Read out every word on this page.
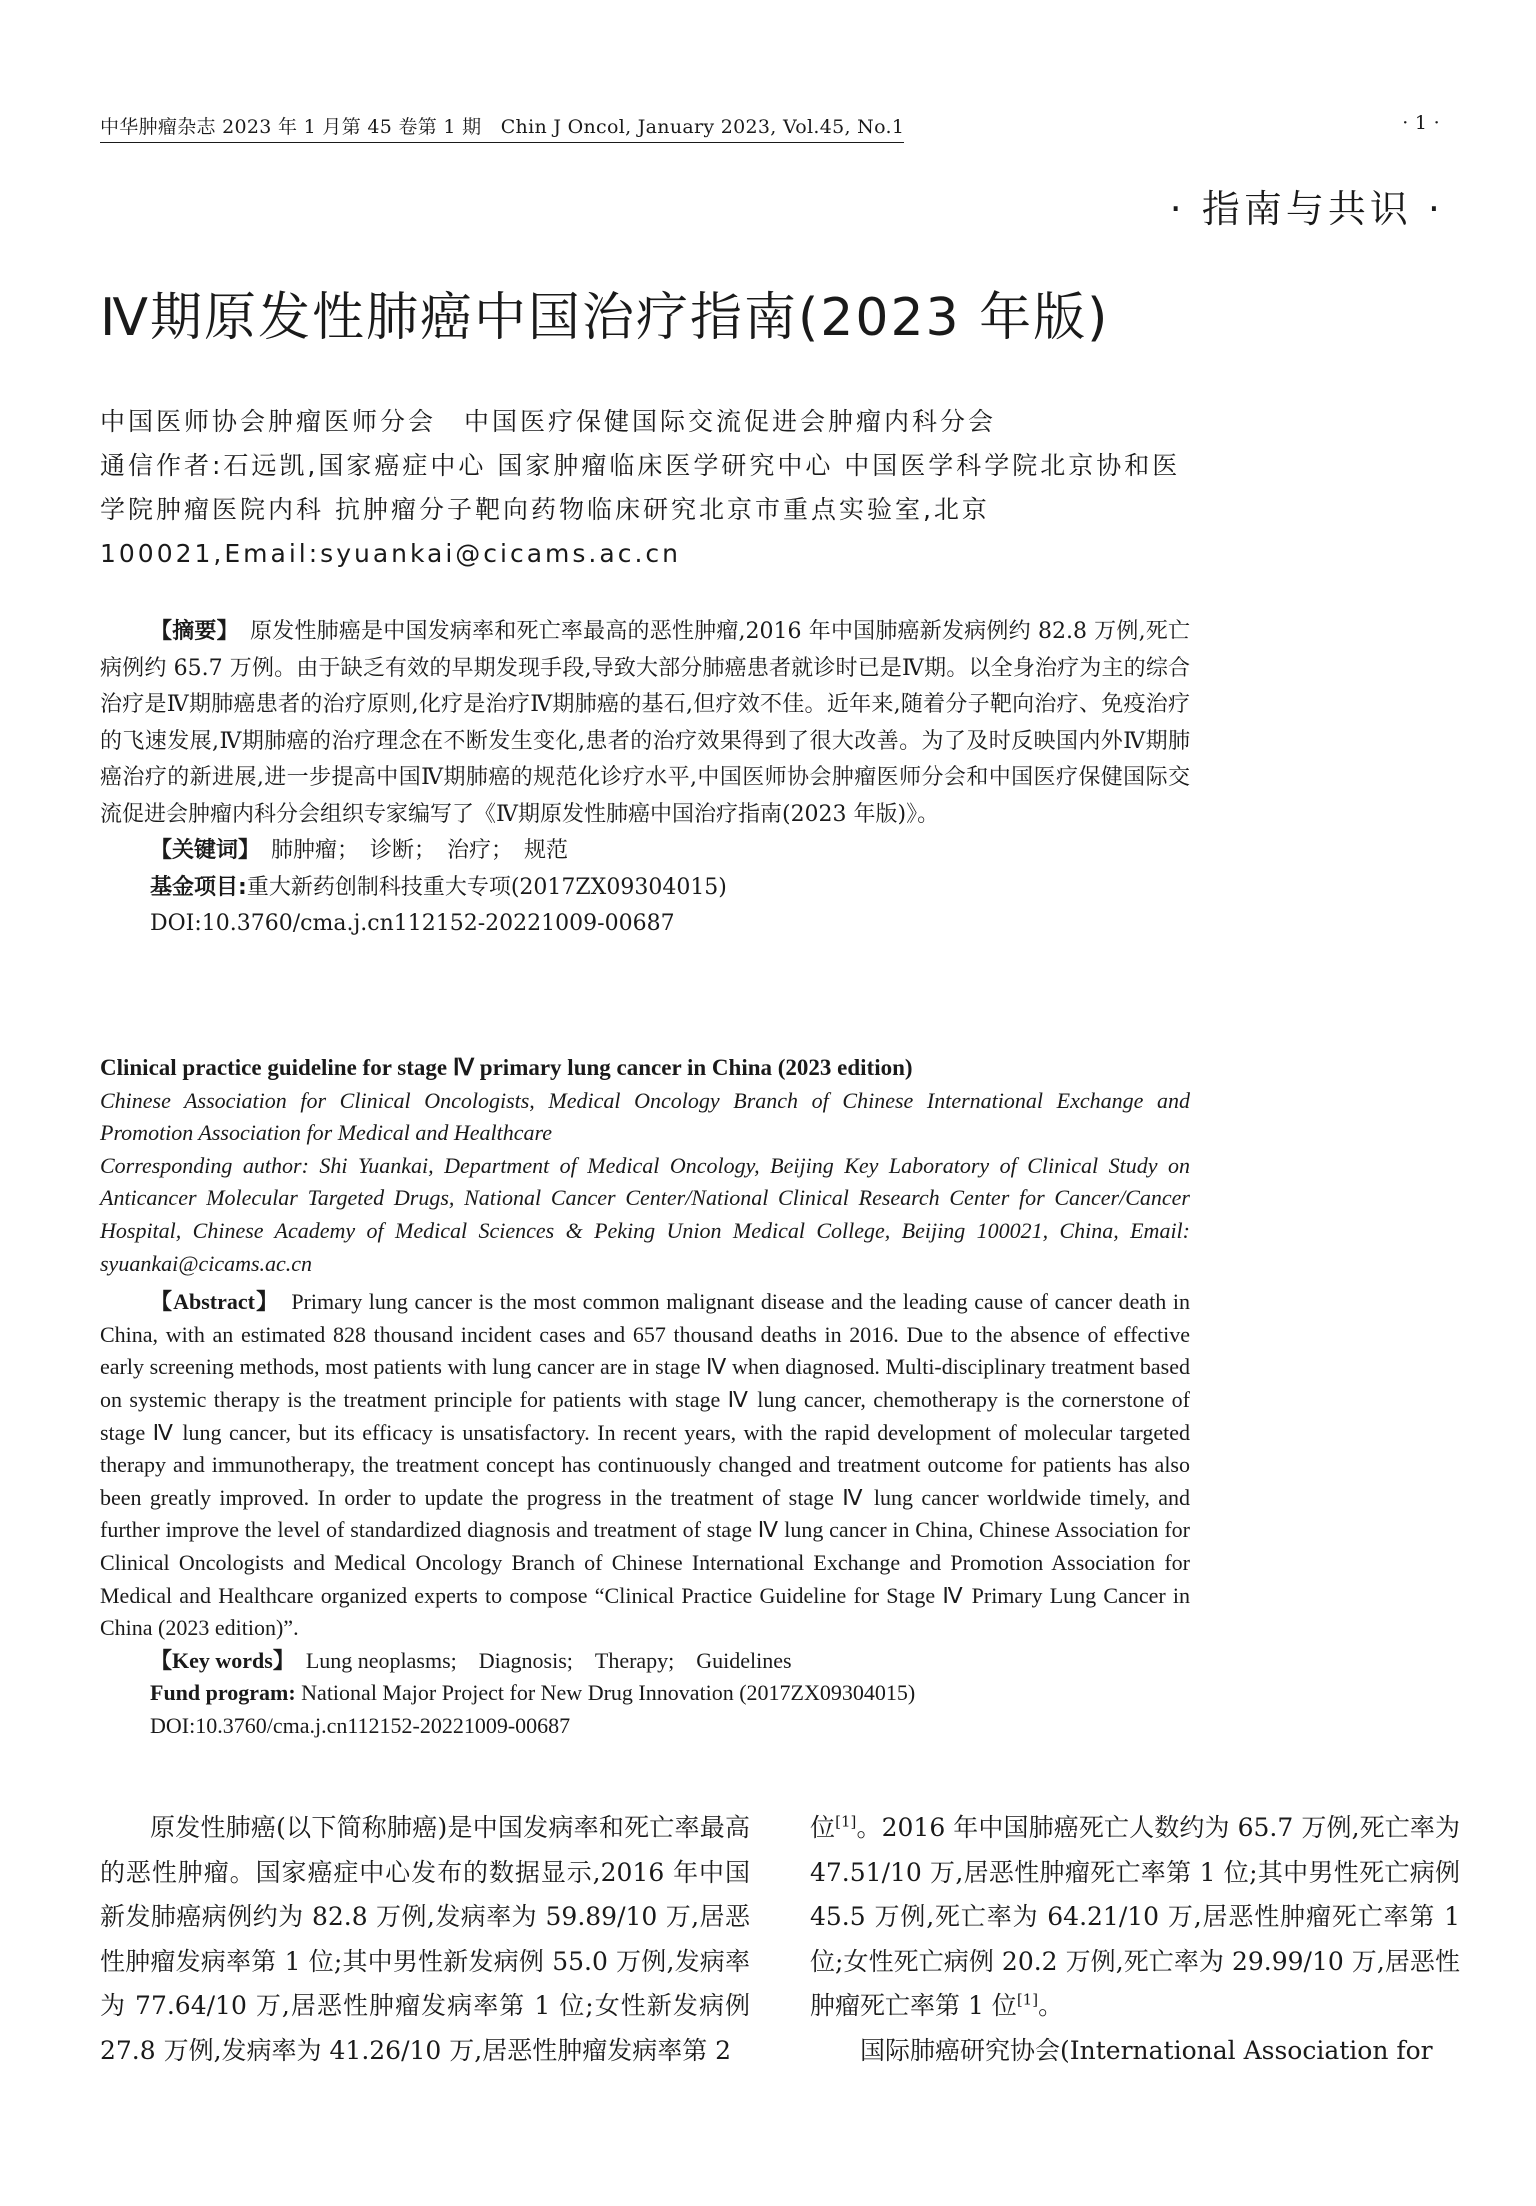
中华肿瘤杂志 2023 年 1 月第 45 卷第 1 期　Chin J Oncol, January 2023, Vol.45, No.1	· 1 ·
· 指南与共识 ·
Ⅳ期原发性肺癌中国治疗指南(2023 年版)
中国医师协会肿瘤医师分会　中国医疗保健国际交流促进会肿瘤内科分会
通信作者:石远凯,国家癌症中心 国家肿瘤临床医学研究中心 中国医学科学院北京协和医学院肿瘤医院内科 抗肿瘤分子靶向药物临床研究北京市重点实验室,北京 100021,Email:syuankai@cicams.ac.cn

【摘要】　 原发性肺癌是中国发病率和死亡率最高的恶性肿瘤,2016 年中国肺癌新发病例约 82.8 万例,死亡病例约 65.7 万例。由于缺乏有效的早期发现手段,导致大部分肺癌患者就诊时已是Ⅳ期。以全身治疗为主的综合治疗是Ⅳ期肺癌患者的治疗原则,化疗是治疗Ⅳ期肺癌的基石,但疗效不佳。近年来,随着分子靶向治疗、免疫治疗的飞速发展,Ⅳ期肺癌的治疗理念在不断发生变化,患者的治疗效果得到了很大改善。为了及时反映国内外Ⅳ期肺癌治疗的新进展,进一步提高中国Ⅳ期肺癌的规范化诊疗水平,中国医师协会肿瘤医师分会和中国医疗保健国际交流促进会肿瘤内科分会组织专家编写了《Ⅳ期原发性肺癌中国治疗指南(2023 年版)》。

【关键词】　 肺肿瘤；　诊断；　治疗；　规范
基金项目:重大新药创制科技重大专项(2017ZX09304015)
DOI:10.3760/cma.j.cn112152-20221009-00687

Clinical practice guideline for stage Ⅳ primary lung cancer in China (2023 edition)

Chinese Association for Clinical Oncologists, Medical Oncology Branch of Chinese International Exchange and Promotion Association for Medical and Healthcare

Corresponding author: Shi Yuankai, Department of Medical Oncology, Beijing Key Laboratory of Clinical Study on Anticancer Molecular Targeted Drugs, National Cancer Center/National Clinical Research Center for Cancer/Cancer Hospital, Chinese Academy of Medical Sciences & Peking Union Medical College, Beijing 100021, China, Email: syuankai@cicams.ac.cn

【Abstract】　 Primary lung cancer is the most common malignant disease and the leading cause of cancer death in China, with an estimated 828 thousand incident cases and 657 thousand deaths in 2016. Due to the absence of effective early screening methods, most patients with lung cancer are in stage Ⅳ when diagnosed. Multi-disciplinary treatment based on systemic therapy is the treatment principle for patients with stage Ⅳ lung cancer, chemotherapy is the cornerstone of stage Ⅳ lung cancer, but its efficacy is unsatisfactory. In recent years, with the rapid development of molecular targeted therapy and immunotherapy, the treatment concept has continuously changed and treatment outcome for patients has also been greatly improved. In order to update the progress in the treatment of stage Ⅳ lung cancer worldwide timely, and further improve the level of standardized diagnosis and treatment of stage Ⅳ lung cancer in China, Chinese Association for Clinical Oncologists and Medical Oncology Branch of Chinese International Exchange and Promotion Association for Medical and Healthcare organized experts to compose “Clinical Practice Guideline for Stage Ⅳ Primary Lung Cancer in China (2023 edition)”.

【Key words】　 Lung neoplasms;　Diagnosis;　Therapy;　Guidelines
Fund program: National Major Project for New Drug Innovation (2017ZX09304015)
DOI:10.3760/cma.j.cn112152-20221009-00687

原发性肺癌(以下简称肺癌)是中国发病率和死亡率最高的恶性肿瘤。国家癌症中心发布的数据显示,2016 年中国新发肺癌病例约为 82.8 万例,发病率为 59.89/10 万,居恶性肿瘤发病率第 1 位;其中男性新发病例 55.0 万例,发病率为 77.64/10 万,居恶性肿瘤发病率第 1 位;女性新发病例 27.8 万例,发病率为 41.26/10 万,居恶性肿瘤发病率第 2

位[1]。2016 年中国肺癌死亡人数约为 65.7 万例,死亡率为 47.51/10 万,居恶性肿瘤死亡率第 1 位;其中男性死亡病例 45.5 万例,死亡率为 64.21/10 万,居恶性肿瘤死亡率第 1 位;女性死亡病例 20.2 万例,死亡率为 29.99/10 万,居恶性肿瘤死亡率第 1 位[1]。

国际肺癌研究协会(International Association for
